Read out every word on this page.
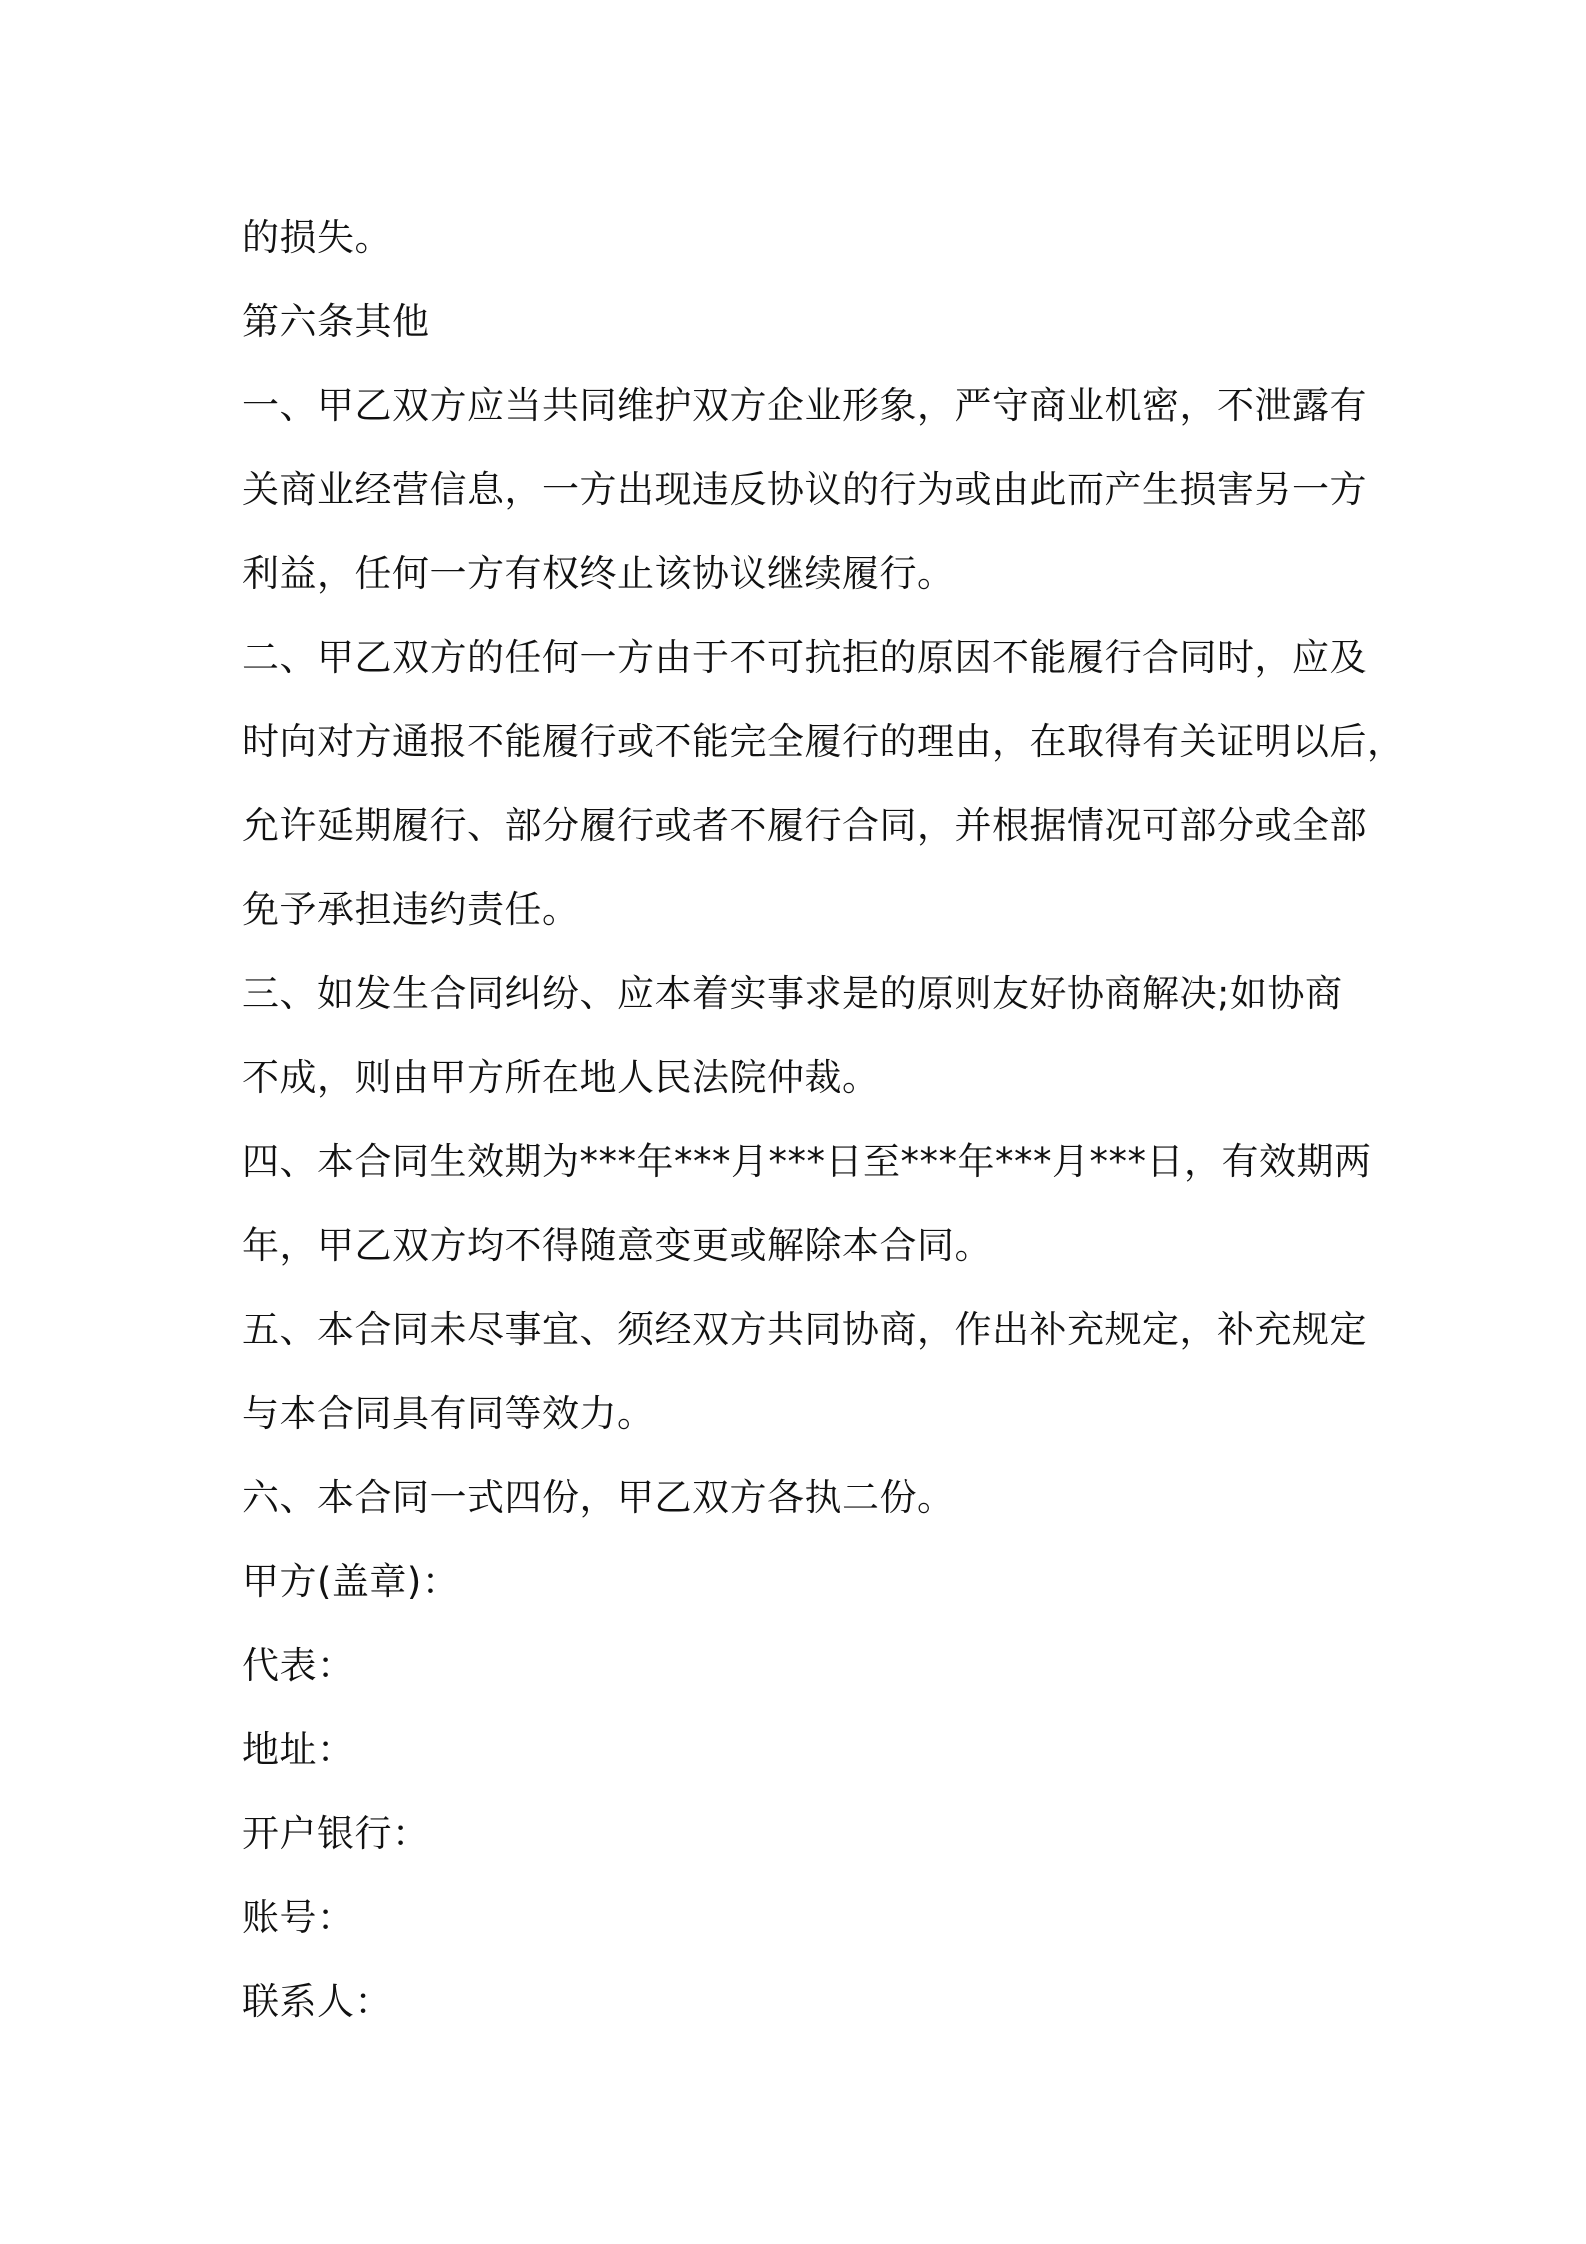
的损失。
第六条其他
一、甲乙双方应当共同维护双方企业形象，严守商业机密，不泄露有
关商业经营信息，一方出现违反协议的行为或由此而产生损害另一方
利益，任何一方有权终止该协议继续履行。
二、甲乙双方的任何一方由于不可抗拒的原因不能履行合同时，应及
时向对方通报不能履行或不能完全履行的理由，在取得有关证明以后，
允许延期履行、部分履行或者不履行合同，并根据情况可部分或全部
免予承担违约责任。
三、如发生合同纠纷、应本着实事求是的原则友好协商解决;如协商
不成，则由甲方所在地人民法院仲裁。
四、本合同生效期为***年***月***日至***年***月***日，有效期两
年，甲乙双方均不得随意变更或解除本合同。
五、本合同未尽事宜、须经双方共同协商，作出补充规定，补充规定
与本合同具有同等效力。
六、本合同一式四份，甲乙双方各执二份。
甲方(盖章)：
代表：
地址：
开户银行：
账号：
联系人：
